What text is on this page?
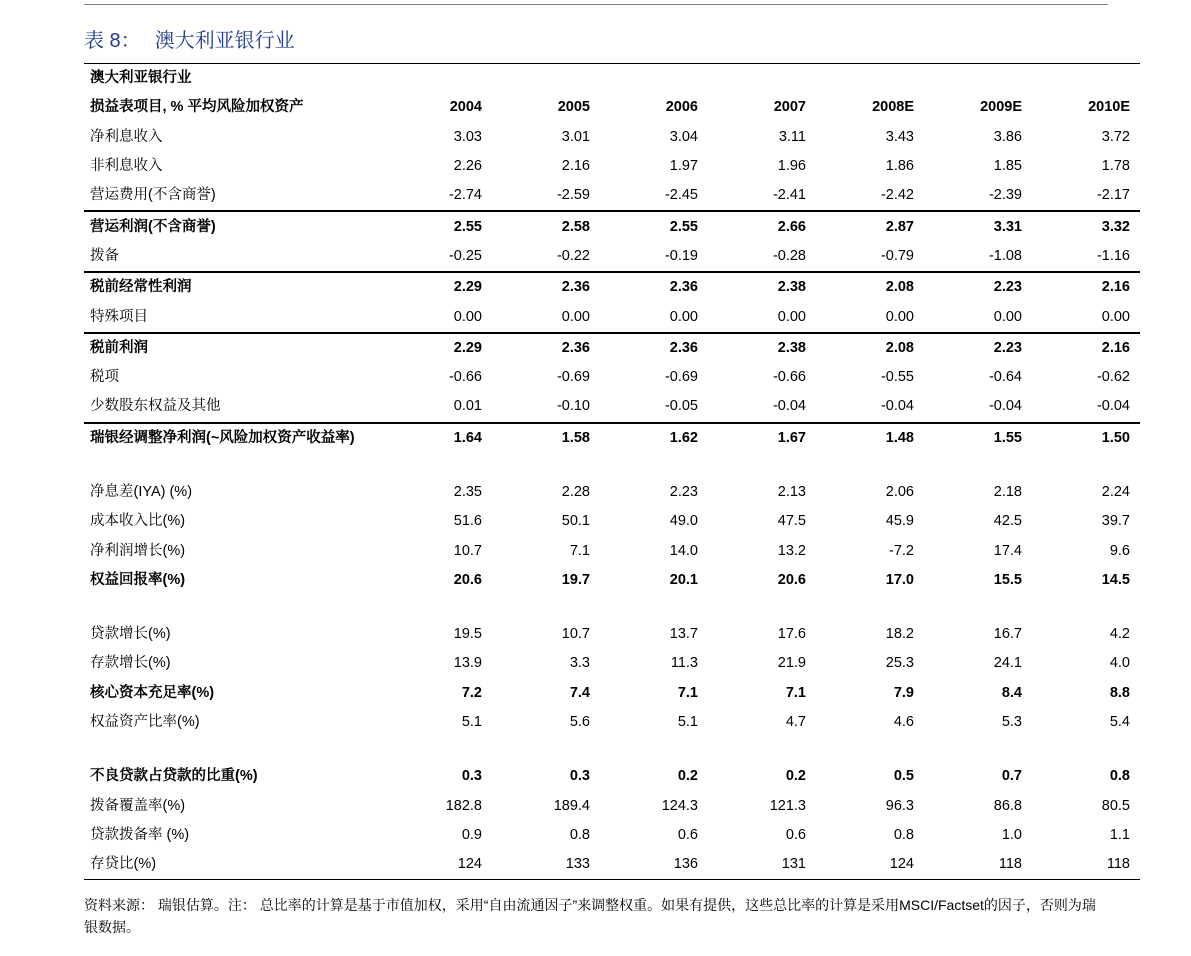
表 8： 澳大利亚银行业
澳大利亚银行业							
损益表项目, % 平均风险加权资产	2004	2005	2006	2007	2008E	2009E	2010E
净利息收入	3.03	3.01	3.04	3.11	3.43	3.86	3.72
非利息收入	2.26	2.16	1.97	1.96	1.86	1.85	1.78
营运费用(不含商誉)	-2.74	-2.59	-2.45	-2.41	-2.42	-2.39	-2.17
营运利润(不含商誉)	2.55	2.58	2.55	2.66	2.87	3.31	3.32
拨备	-0.25	-0.22	-0.19	-0.28	-0.79	-1.08	-1.16
税前经常性利润	2.29	2.36	2.36	2.38	2.08	2.23	2.16
特殊项目	0.00	0.00	0.00	0.00	0.00	0.00	0.00
税前利润	2.29	2.36	2.36	2.38	2.08	2.23	2.16
税项	-0.66	-0.69	-0.69	-0.66	-0.55	-0.64	-0.62
少数股东权益及其他	0.01	-0.10	-0.05	-0.04	-0.04	-0.04	-0.04
瑞银经调整净利润(~风险加权资产收益率)	1.64	1.58	1.62	1.67	1.48	1.55	1.50

净息差(IYA) (%)	2.35	2.28	2.23	2.13	2.06	2.18	2.24
成本收入比(%)	51.6	50.1	49.0	47.5	45.9	42.5	39.7
净利润增长(%)	10.7	7.1	14.0	13.2	-7.2	17.4	9.6
权益回报率(%)	20.6	19.7	20.1	20.6	17.0	15.5	14.5

贷款增长(%)	19.5	10.7	13.7	17.6	18.2	16.7	4.2
存款增长(%)	13.9	3.3	11.3	21.9	25.3	24.1	4.0
核心资本充足率(%)	7.2	7.4	7.1	7.1	7.9	8.4	8.8
权益资产比率(%)	5.1	5.6	5.1	4.7	4.6	5.3	5.4

不良贷款占贷款的比重(%)	0.3	0.3	0.2	0.2	0.5	0.7	0.8
拨备覆盖率(%)	182.8	189.4	124.3	121.3	96.3	86.8	80.5
贷款拨备率 (%)	0.9	0.8	0.6	0.6	0.8	1.0	1.1
存贷比(%)	124	133	136	131	124	118	118
资料来源： 瑞银估算。注： 总比率的计算是基于市值加权，采用“自由流通因子”来调整权重。如果有提供，这些总比率的计算是采用MSCI/Factset的因子，否则为瑞银数据。
